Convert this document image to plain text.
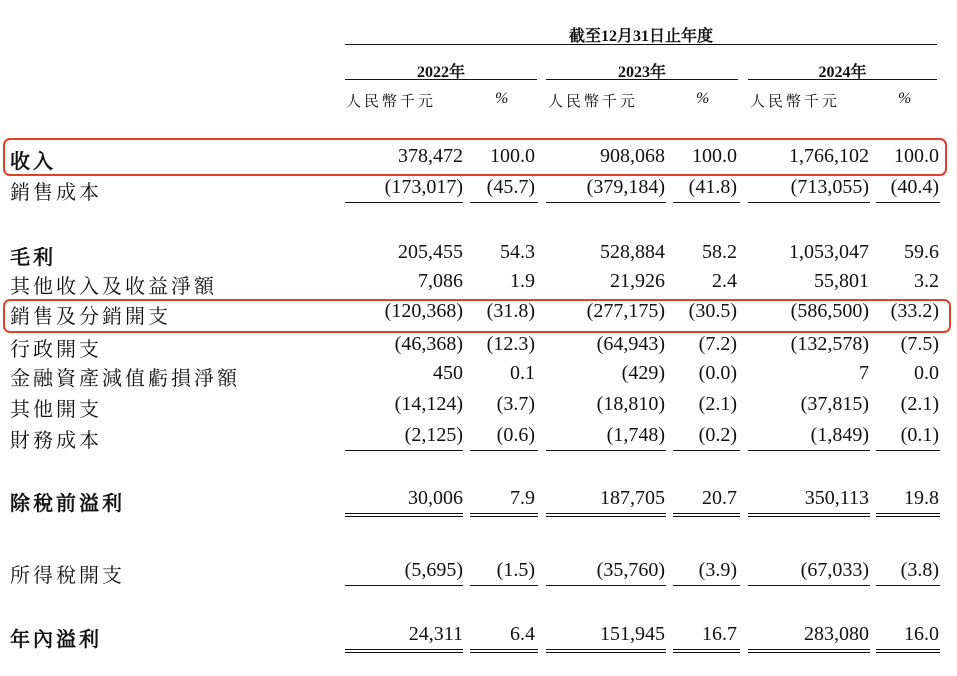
截至12月31日止年度
2022年	2023年	2024年
人民幣千元	%	人民幣千元	%	人民幣千元	%
收入	378,472	100.0	908,068	100.0	1,766,102	100.0
銷售成本	(173,017)	(45.7)	(379,184)	(41.8)	(713,055)	(40.4)
毛利	205,455	54.3	528,884	58.2	1,053,047	59.6
其他收入及收益淨額	7,086	1.9	21,926	2.4	55,801	3.2
銷售及分銷開支	(120,368)	(31.8)	(277,175)	(30.5)	(586,500)	(33.2)
行政開支	(46,368)	(12.3)	(64,943)	(7.2)	(132,578)	(7.5)
金融資產減值虧損淨額	450	0.1	(429)	(0.0)	7	0.0
其他開支	(14,124)	(3.7)	(18,810)	(2.1)	(37,815)	(2.1)
財務成本	(2,125)	(0.6)	(1,748)	(0.2)	(1,849)	(0.1)
除稅前溢利	30,006	7.9	187,705	20.7	350,113	19.8
所得稅開支	(5,695)	(1.5)	(35,760)	(3.9)	(67,033)	(3.8)
年內溢利	24,311	6.4	151,945	16.7	283,080	16.0
